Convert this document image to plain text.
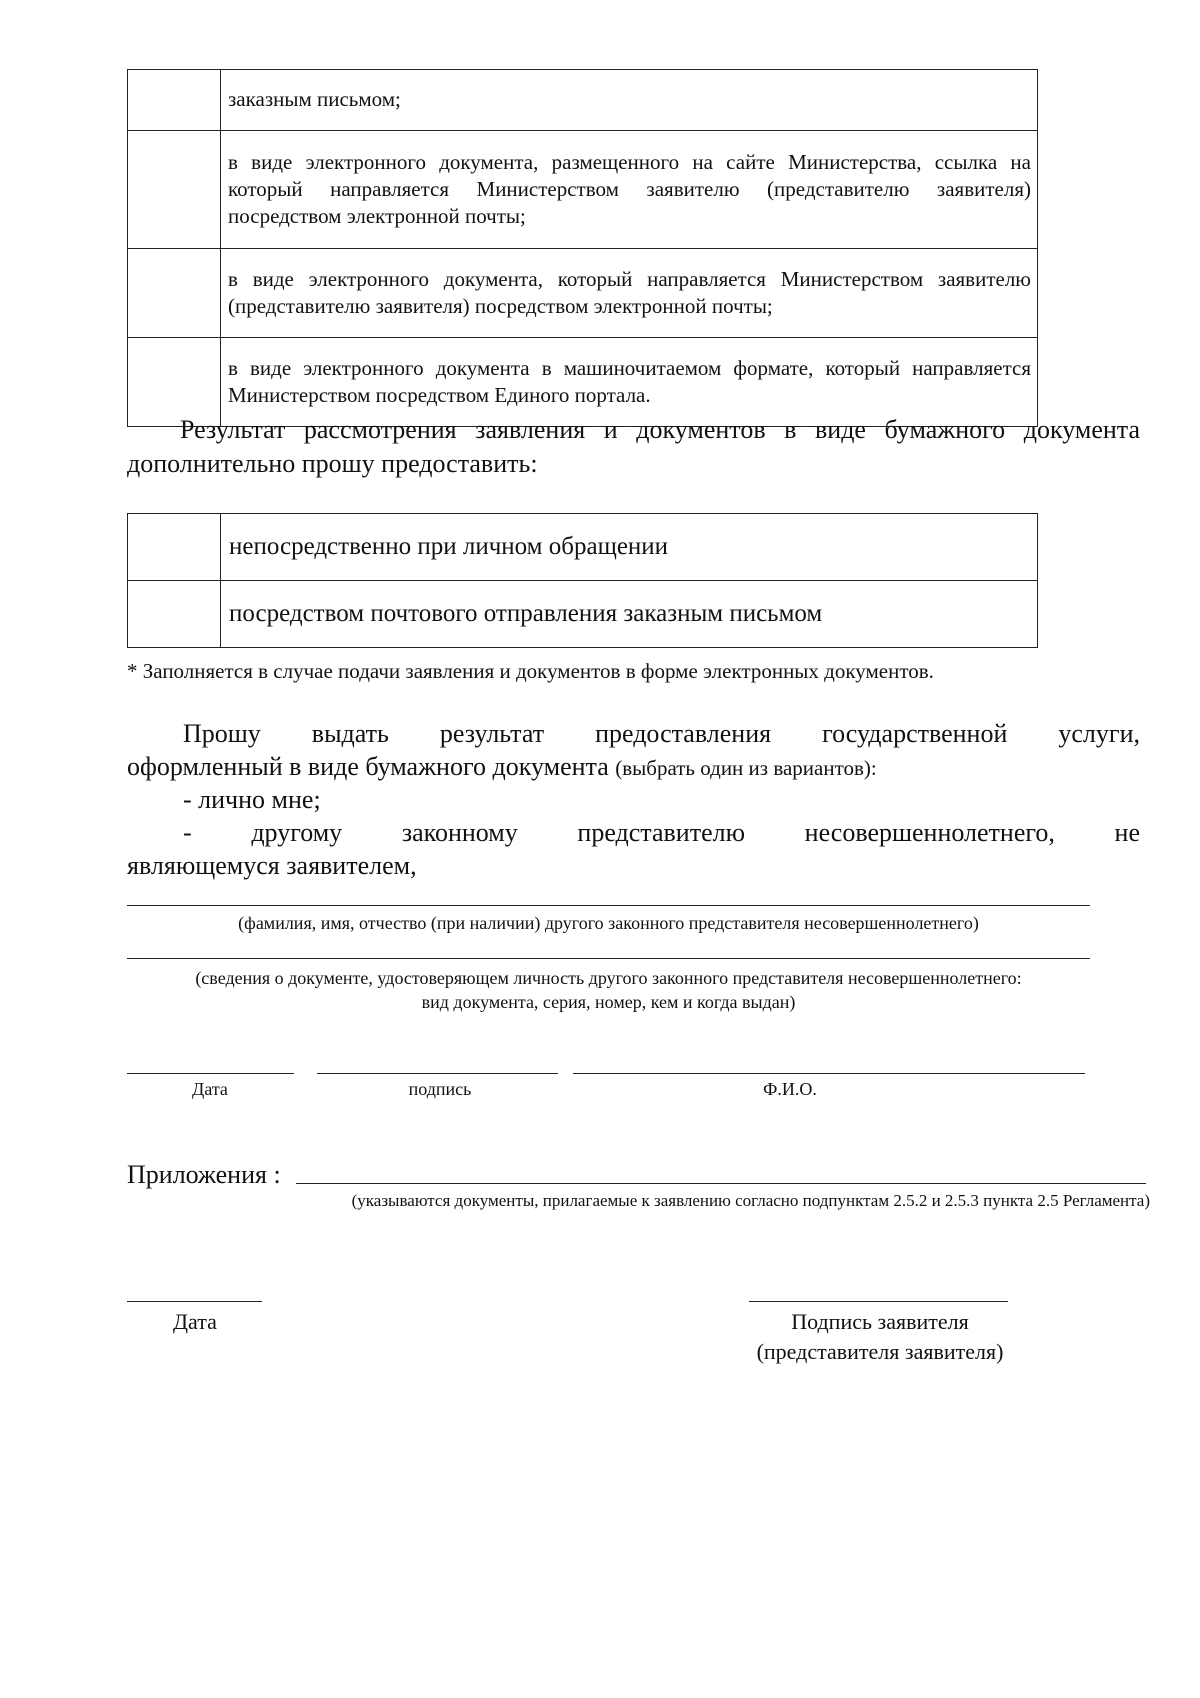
	заказным письмом;
	в виде электронного документа, размещенного на сайте Министерства, ссылка на который направляется Министерством заявителю (представителю заявителя) посредством электронной почты;
	в виде электронного документа, который направляется Министерством заявителю (представителю заявителя) посредством электронной почты;
	в виде электронного документа в машиночитаемом формате, который направляется Министерством посредством Единого портала.
Результат рассмотрения заявления и документов в виде бумажного документа
дополнительно прошу предоставить:
	непосредственно при личном обращении
	посредством почтового отправления заказным письмом
* Заполняется в случае подачи заявления и документов в форме электронных документов.
Прошу выдать результат предоставления государственной услуги,
оформленный в виде бумажного документа (выбрать один из вариантов):
- лично мне;
- другому законному представителю несовершеннолетнего, не
являющемуся заявителем,
(фамилия, имя, отчество (при наличии) другого законного представителя несовершеннолетнего)
(сведения о документе, удостоверяющем личность другого законного представителя несовершеннолетнего:
вид документа, серия, номер, кем и когда выдан)
Дата	подпись	Ф.И.О.
Приложения :
(указываются документы, прилагаемые к заявлению согласно подпунктам 2.5.2 и 2.5.3 пункта 2.5 Регламента)
Дата	Подпись заявителя
(представителя заявителя)
